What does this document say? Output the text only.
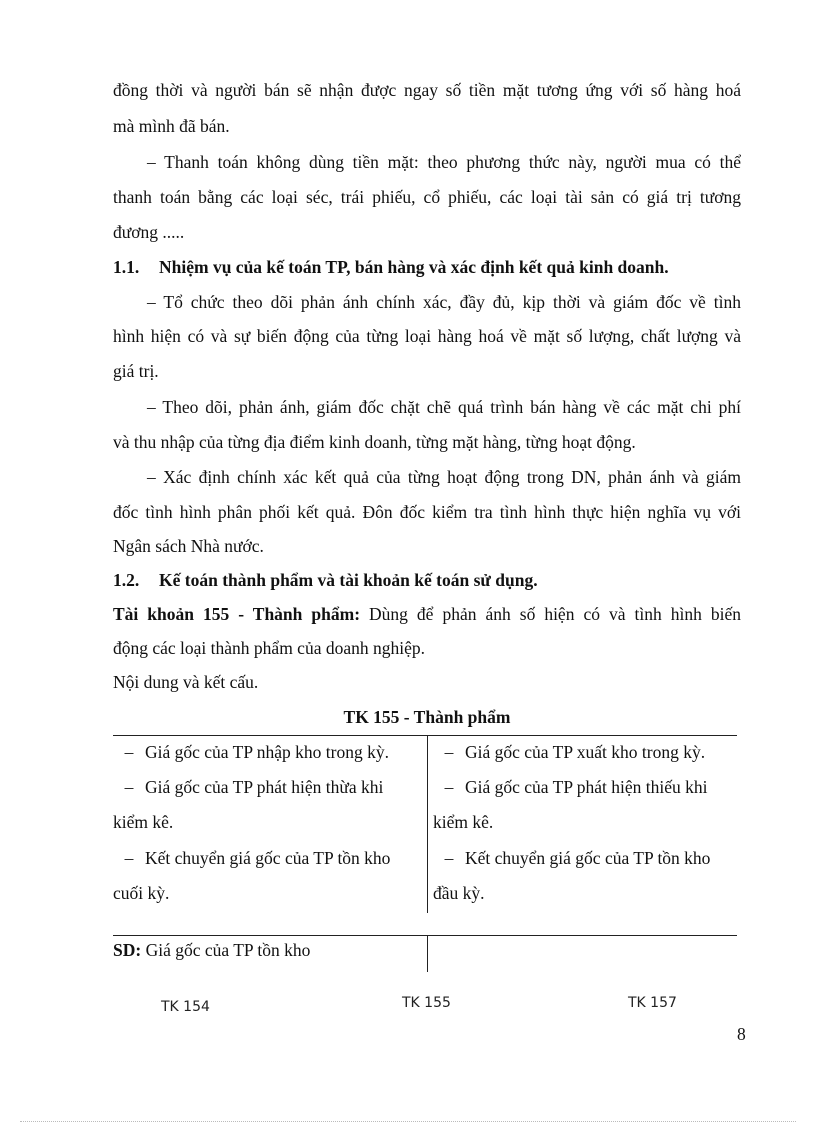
đồng thời và người bán sẽ nhận được ngay số tiền mặt tương ứng với số hàng hoá
mà mình đã bán.
– Thanh toán không dùng tiền mặt: theo phương thức này, người mua có thể
thanh toán bằng các loại séc, trái phiếu, cổ phiếu, các loại tài sản có giá trị tương
đương .....
1.1. Nhiệm vụ của kế toán TP, bán hàng và xác định kết quả kinh doanh.
– Tổ chức theo dõi phản ánh chính xác, đầy đủ, kịp thời và giám đốc về tình
hình hiện có và sự biến động của từng loại hàng hoá về mặt số lượng, chất lượng và
giá trị.
– Theo dõi, phản ánh, giám đốc chặt chẽ quá trình bán hàng về các mặt chi phí
và thu nhập của từng địa điểm kinh doanh, từng mặt hàng, từng hoạt động.
– Xác định chính xác kết quả của từng hoạt động trong DN, phản ánh và giám
đốc tình hình phân phối kết quả. Đôn đốc kiểm tra tình hình thực hiện nghĩa vụ với
Ngân sách Nhà nước.
1.2. Kế toán thành phẩm và tài khoản kế toán sử dụng.
Tài khoản 155 - Thành phẩm: Dùng để phản ánh số hiện có và tình hình biến
động các loại thành phẩm của doanh nghiệp.
Nội dung và kết cấu.
TK 155 - Thành phẩm
– Giá gốc của TP nhập kho trong kỳ.
– Giá gốc của TP phát hiện thừa khi
kiểm kê.
– Kết chuyển giá gốc của TP tồn kho
cuối kỳ.
– Giá gốc của TP xuất kho trong kỳ.
– Giá gốc của TP phát hiện thiếu khi
kiểm kê.
– Kết chuyển giá gốc của TP tồn kho
đầu kỳ.
SD: Giá gốc của TP tồn kho
TK 154	TK 155	TK 157
8
